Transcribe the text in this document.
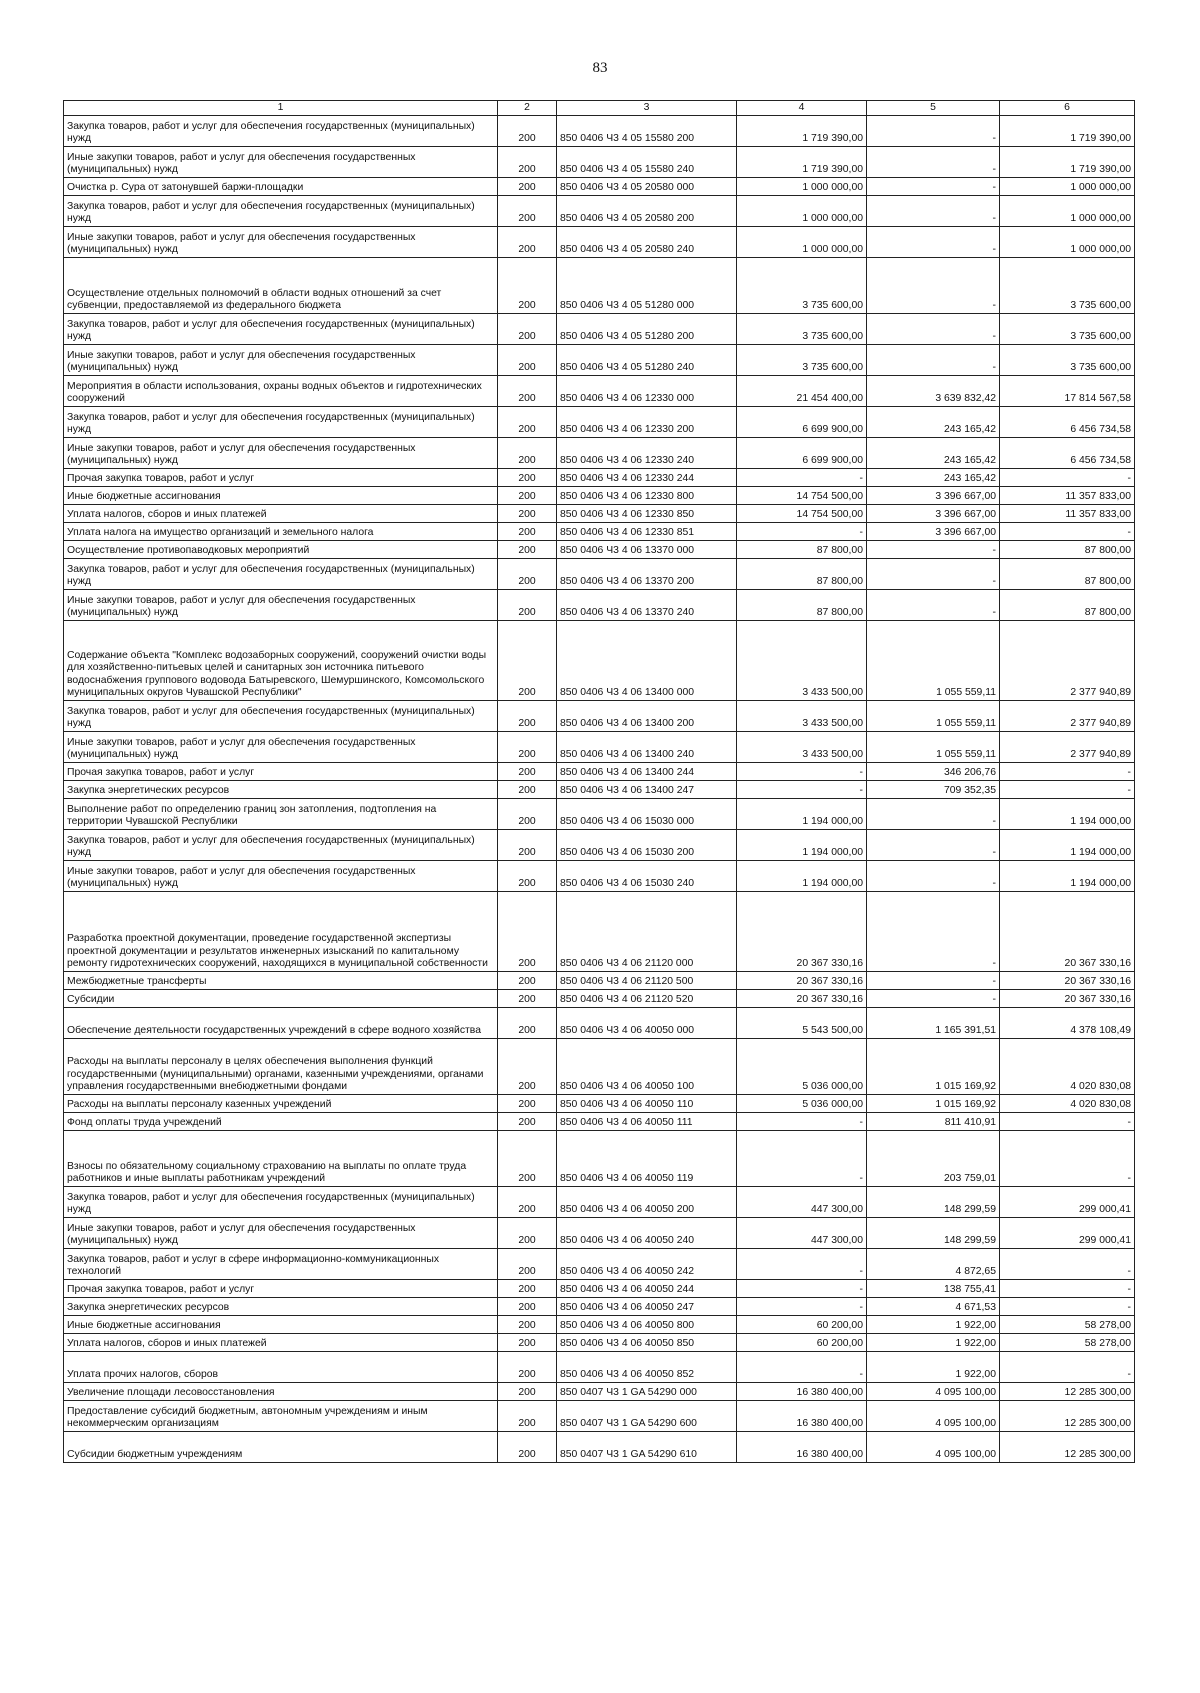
83
1	2	3	4	5	6
Закупка товаров, работ и услуг для обеспечения государственных (муниципальных) нужд	200	850 0406 Ч3 4 05 15580 200	1 719 390,00	-	1 719 390,00
Иные закупки товаров, работ и услуг для обеспечения государственных (муниципальных) нужд	200	850 0406 Ч3 4 05 15580 240	1 719 390,00	-	1 719 390,00
Очистка р. Сура от затонувшей баржи-площадки	200	850 0406 Ч3 4 05 20580 000	1 000 000,00	-	1 000 000,00
Закупка товаров, работ и услуг для обеспечения государственных (муниципальных) нужд	200	850 0406 Ч3 4 05 20580 200	1 000 000,00	-	1 000 000,00
Иные закупки товаров, работ и услуг для обеспечения государственных (муниципальных) нужд	200	850 0406 Ч3 4 05 20580 240	1 000 000,00	-	1 000 000,00
Осуществление отдельных полномочий в области водных отношений за счет субвенции, предоставляемой из федерального бюджета	200	850 0406 Ч3 4 05 51280 000	3 735 600,00	-	3 735 600,00
Закупка товаров, работ и услуг для обеспечения государственных (муниципальных) нужд	200	850 0406 Ч3 4 05 51280 200	3 735 600,00	-	3 735 600,00
Иные закупки товаров, работ и услуг для обеспечения государственных (муниципальных) нужд	200	850 0406 Ч3 4 05 51280 240	3 735 600,00	-	3 735 600,00
Мероприятия в области использования, охраны водных объектов и гидротехнических сооружений	200	850 0406 Ч3 4 06 12330 000	21 454 400,00	3 639 832,42	17 814 567,58
Закупка товаров, работ и услуг для обеспечения государственных (муниципальных) нужд	200	850 0406 Ч3 4 06 12330 200	6 699 900,00	243 165,42	6 456 734,58
Иные закупки товаров, работ и услуг для обеспечения государственных (муниципальных) нужд	200	850 0406 Ч3 4 06 12330 240	6 699 900,00	243 165,42	6 456 734,58
Прочая закупка товаров, работ и услуг	200	850 0406 Ч3 4 06 12330 244	-	243 165,42	-
Иные бюджетные ассигнования	200	850 0406 Ч3 4 06 12330 800	14 754 500,00	3 396 667,00	11 357 833,00
Уплата налогов, сборов и иных платежей	200	850 0406 Ч3 4 06 12330 850	14 754 500,00	3 396 667,00	11 357 833,00
Уплата налога на имущество организаций и земельного налога	200	850 0406 Ч3 4 06 12330 851	-	3 396 667,00	-
Осуществление противопаводковых мероприятий	200	850 0406 Ч3 4 06 13370 000	87 800,00	-	87 800,00
Закупка товаров, работ и услуг для обеспечения государственных (муниципальных) нужд	200	850 0406 Ч3 4 06 13370 200	87 800,00	-	87 800,00
Иные закупки товаров, работ и услуг для обеспечения государственных (муниципальных) нужд	200	850 0406 Ч3 4 06 13370 240	87 800,00	-	87 800,00
Содержание объекта "Комплекс водозаборных сооружений, сооружений очистки воды для хозяйственно-питьевых целей и санитарных зон источника питьевого водоснабжения группового водовода Батыревского, Шемуршинского, Комсомольского муниципальных округов Чувашской Республики"	200	850 0406 Ч3 4 06 13400 000	3 433 500,00	1 055 559,11	2 377 940,89
Закупка товаров, работ и услуг для обеспечения государственных (муниципальных) нужд	200	850 0406 Ч3 4 06 13400 200	3 433 500,00	1 055 559,11	2 377 940,89
Иные закупки товаров, работ и услуг для обеспечения государственных (муниципальных) нужд	200	850 0406 Ч3 4 06 13400 240	3 433 500,00	1 055 559,11	2 377 940,89
Прочая закупка товаров, работ и услуг	200	850 0406 Ч3 4 06 13400 244	-	346 206,76	-
Закупка энергетических ресурсов	200	850 0406 Ч3 4 06 13400 247	-	709 352,35	-
Выполнение работ по определению границ зон затопления, подтопления на территории Чувашской Республики	200	850 0406 Ч3 4 06 15030 000	1 194 000,00	-	1 194 000,00
Закупка товаров, работ и услуг для обеспечения государственных (муниципальных) нужд	200	850 0406 Ч3 4 06 15030 200	1 194 000,00	-	1 194 000,00
Иные закупки товаров, работ и услуг для обеспечения государственных (муниципальных) нужд	200	850 0406 Ч3 4 06 15030 240	1 194 000,00	-	1 194 000,00
Разработка проектной документации, проведение государственной экспертизы проектной документации и результатов инженерных изысканий по капитальному ремонту гидротехнических сооружений, находящихся в муниципальной собственности	200	850 0406 Ч3 4 06 21120 000	20 367 330,16	-	20 367 330,16
Межбюджетные трансферты	200	850 0406 Ч3 4 06 21120 500	20 367 330,16	-	20 367 330,16
Субсидии	200	850 0406 Ч3 4 06 21120 520	20 367 330,16	-	20 367 330,16
Обеспечение деятельности государственных учреждений в сфере водного хозяйства	200	850 0406 Ч3 4 06 40050 000	5 543 500,00	1 165 391,51	4 378 108,49
Расходы на выплаты персоналу в целях обеспечения выполнения функций государственными (муниципальными) органами, казенными учреждениями, органами управления государственными внебюджетными фондами	200	850 0406 Ч3 4 06 40050 100	5 036 000,00	1 015 169,92	4 020 830,08
Расходы на выплаты персоналу казенных учреждений	200	850 0406 Ч3 4 06 40050 110	5 036 000,00	1 015 169,92	4 020 830,08
Фонд оплаты труда учреждений	200	850 0406 Ч3 4 06 40050 111	-	811 410,91	-
Взносы по обязательному социальному страхованию на выплаты по оплате труда работников и иные выплаты работникам учреждений	200	850 0406 Ч3 4 06 40050 119	-	203 759,01	-
Закупка товаров, работ и услуг для обеспечения государственных (муниципальных) нужд	200	850 0406 Ч3 4 06 40050 200	447 300,00	148 299,59	299 000,41
Иные закупки товаров, работ и услуг для обеспечения государственных (муниципальных) нужд	200	850 0406 Ч3 4 06 40050 240	447 300,00	148 299,59	299 000,41
Закупка товаров, работ и услуг в сфере информационно-коммуникационных технологий	200	850 0406 Ч3 4 06 40050 242	-	4 872,65	-
Прочая закупка товаров, работ и услуг	200	850 0406 Ч3 4 06 40050 244	-	138 755,41	-
Закупка энергетических ресурсов	200	850 0406 Ч3 4 06 40050 247	-	4 671,53	-
Иные бюджетные ассигнования	200	850 0406 Ч3 4 06 40050 800	60 200,00	1 922,00	58 278,00
Уплата налогов, сборов и иных платежей	200	850 0406 Ч3 4 06 40050 850	60 200,00	1 922,00	58 278,00
Уплата прочих налогов, сборов	200	850 0406 Ч3 4 06 40050 852	-	1 922,00	-
Увеличение площади лесовосстановления	200	850 0407 Ч3 1 GA 54290 000	16 380 400,00	4 095 100,00	12 285 300,00
Предоставление субсидий бюджетным, автономным учреждениям и иным некоммерческим организациям	200	850 0407 Ч3 1 GA 54290 600	16 380 400,00	4 095 100,00	12 285 300,00
Субсидии бюджетным учреждениям	200	850 0407 Ч3 1 GA 54290 610	16 380 400,00	4 095 100,00	12 285 300,00
